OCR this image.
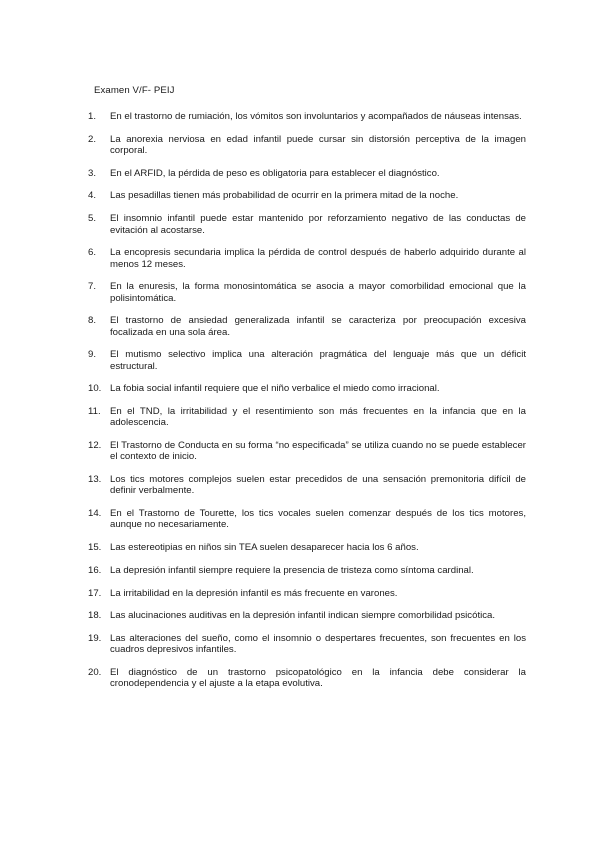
Examen V/F- PEIJ
1.	En el trastorno de rumiación, los vómitos son involuntarios y acompañados de náuseas intensas.
2.	La anorexia nerviosa en edad infantil puede cursar sin distorsión perceptiva de la imagen corporal.
3.	En el ARFID, la pérdida de peso es obligatoria para establecer el diagnóstico.
4.	Las pesadillas tienen más probabilidad de ocurrir en la primera mitad de la noche.
5.	El insomnio infantil puede estar mantenido por reforzamiento negativo de las conductas de evitación al acostarse.
6.	La encopresis secundaria implica la pérdida de control después de haberlo adquirido durante al menos 12 meses.
7.	En la enuresis, la forma monosintomática se asocia a mayor comorbilidad emocional que la polisintomática.
8.	El trastorno de ansiedad generalizada infantil se caracteriza por preocupación excesiva focalizada en una sola área.
9.	El mutismo selectivo implica una alteración pragmática del lenguaje más que un déficit estructural.
10. La fobia social infantil requiere que el niño verbalice el miedo como irracional.
11. En el TND, la irritabilidad y el resentimiento son más frecuentes en la infancia que en la adolescencia.
12. El Trastorno de Conducta en su forma “no especificada” se utiliza cuando no se puede establecer el contexto de inicio.
13. Los tics motores complejos suelen estar precedidos de una sensación premonitoria difícil de definir verbalmente.
14. En el Trastorno de Tourette, los tics vocales suelen comenzar después de los tics motores, aunque no necesariamente.
15. Las estereotipias en niños sin TEA suelen desaparecer hacia los 6 años.
16. La depresión infantil siempre requiere la presencia de tristeza como síntoma cardinal.
17. La irritabilidad en la depresión infantil es más frecuente en varones.
18. Las alucinaciones auditivas en la depresión infantil indican siempre comorbilidad psicótica.
19. Las alteraciones del sueño, como el insomnio o despertares frecuentes, son frecuentes en los cuadros depresivos infantiles.
20. El diagnóstico de un trastorno psicopatológico en la infancia debe considerar la cronodependencia y el ajuste a la etapa evolutiva.
